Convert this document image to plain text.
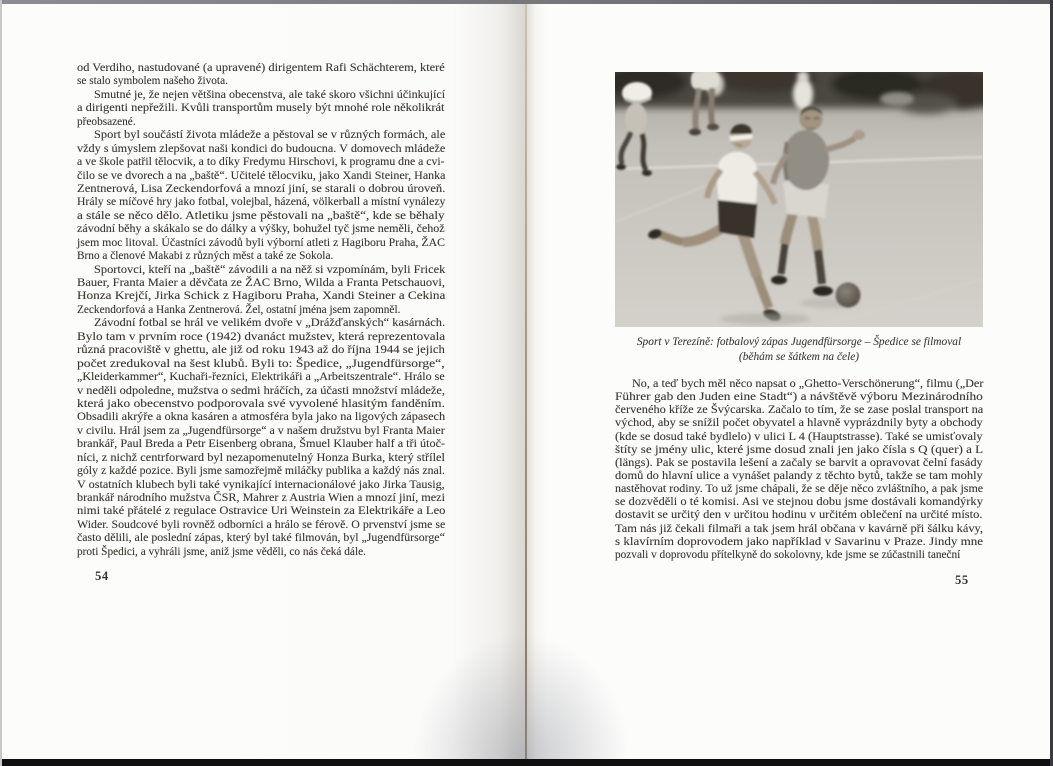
od Verdiho, nastudované (a upravené) dirigentem Rafi Schächterem, které
se stalo symbolem našeho života.
Smutné je, že nejen většina obecenstva, ale také skoro všichni účinkující
a dirigenti nepřežili. Kvůli transportům musely být mnohé role několikrát
přeobsazené.
Sport byl součástí života mládeže a pěstoval se v různých formách, ale
vždy s úmyslem zlepšovat naši kondici do budoucna. V domovech mládeže
a ve škole patřil tělocvik, a to díky Fredymu Hirschovi, k programu dne a cvi-
čilo se ve dvorech a na „baště“. Učitelé tělocviku, jako Xandi Steiner, Hanka
Zentnerová, Lisa Zeckendorfová a mnozí jiní, se starali o dobrou úroveň.
Hrály se míčové hry jako fotbal, volejbal, házená, völkerball a místní vynálezy
a stále se něco dělo. Atletiku jsme pěstovali na „baště“, kde se běhaly
závodní běhy a skákalo se do dálky a výšky, bohužel tyč jsme neměli, čehož
jsem moc litoval. Účastníci závodů byli výborní atleti z Hagiboru Praha, ŽAC
Brno a členové Makabi z různých měst a také ze Sokola.
Sportovci, kteří na „baště“ závodili a na něž si vzpomínám, byli Fricek
Bauer, Franta Maier a děvčata ze ŽAC Brno, Wilda a Franta Petschauovi,
Honza Krejčí, Jirka Schick z Hagiboru Praha, Xandi Steiner a Cekina
Zeckendorfová a Hanka Zentnerová. Žel, ostatní jména jsem zapomněl.
Závodní fotbal se hrál ve velikém dvoře v „Drážďanských“ kasárnách.
Bylo tam v prvním roce (1942) dvanáct mužstev, která reprezentovala
různá pracoviště v ghettu, ale již od roku 1943 až do října 1944 se jejich
počet zredukoval na šest klubů. Byli to: Špedice, „Jugendfürsorge“,
„Kleiderkammer“, Kuchaři-řezníci, Elektrikáři a „Arbeitszentrale“. Hrálo se
v neděli odpoledne, mužstva o sedmi hráčích, za účasti množství mládeže,
která jako obecenstvo podporovala své vyvolené hlasitým fanděním.
Obsadili akrýře a okna kasáren a atmosféra byla jako na ligových zápasech
v civilu. Hrál jsem za „Jugendfürsorge“ a v našem družstvu byl Franta Maier
brankář, Paul Breda a Petr Eisenberg obrana, Šmuel Klauber half a tři útoč-
níci, z nichž centrforward byl nezapomenutelný Honza Burka, který střílel
góly z každé pozice. Byli jsme samozřejmě miláčky publika a každý nás znal.
V ostatních klubech byli také vynikající internacionálové jako Jirka Tausig,
brankář národního mužstva ČSR, Mahrer z Austria Wien a mnozí jiní, mezi
nimi také přátelé z regulace Ostravice Uri Weinstein za Elektrikáře a Leo
Wider. Soudcové byli rovněž odborníci a hrálo se férově. O prvenství jsme se
často dělili, ale poslední zápas, který byl také filmován, byl „Jugendfürsorge“
proti Špedici, a vyhráli jsme, aniž jsme věděli, co nás čeká dále.
54
Sport v Terezíně: fotbalový zápas Jugendfürsorge – Špedice se filmoval
(běhám se šátkem na čele)
No, a teď bych měl něco napsat o „Ghetto-Verschönerung“, filmu („Der
Führer gab den Juden eine Stadt“) a návštěvě výboru Mezinárodního
červeného kříže ze Švýcarska. Začalo to tím, že se zase poslal transport na
východ, aby se snížil počet obyvatel a hlavně vyprázdnily byty a obchody
(kde se dosud také bydlelo) v ulici L 4 (Hauptstrasse). Také se umisťovaly
štíty se jmény ulic, které jsme dosud znali jen jako čísla s Q (quer) a L
(längs). Pak se postavila lešení a začaly se barvit a opravovat čelní fasády
domů do hlavní ulice a vynášet palandy z těchto bytů, takže se tam mohly
nastěhovat rodiny. To už jsme chápali, že se děje něco zvláštního, a pak jsme
se dozvěděli o té komisi. Asi ve stejnou dobu jsme dostávali komandýrky
dostavit se určitý den v určitou hodinu v určitém oblečení na určité místo.
Tam nás již čekali filmaři a tak jsem hrál občana v kavárně při šálku kávy,
s klavírním doprovodem jako například v Savarinu v Praze. Jindy mne
pozvali v doprovodu přítelkyně do sokolovny, kde jsme se zúčastnili taneční
55
